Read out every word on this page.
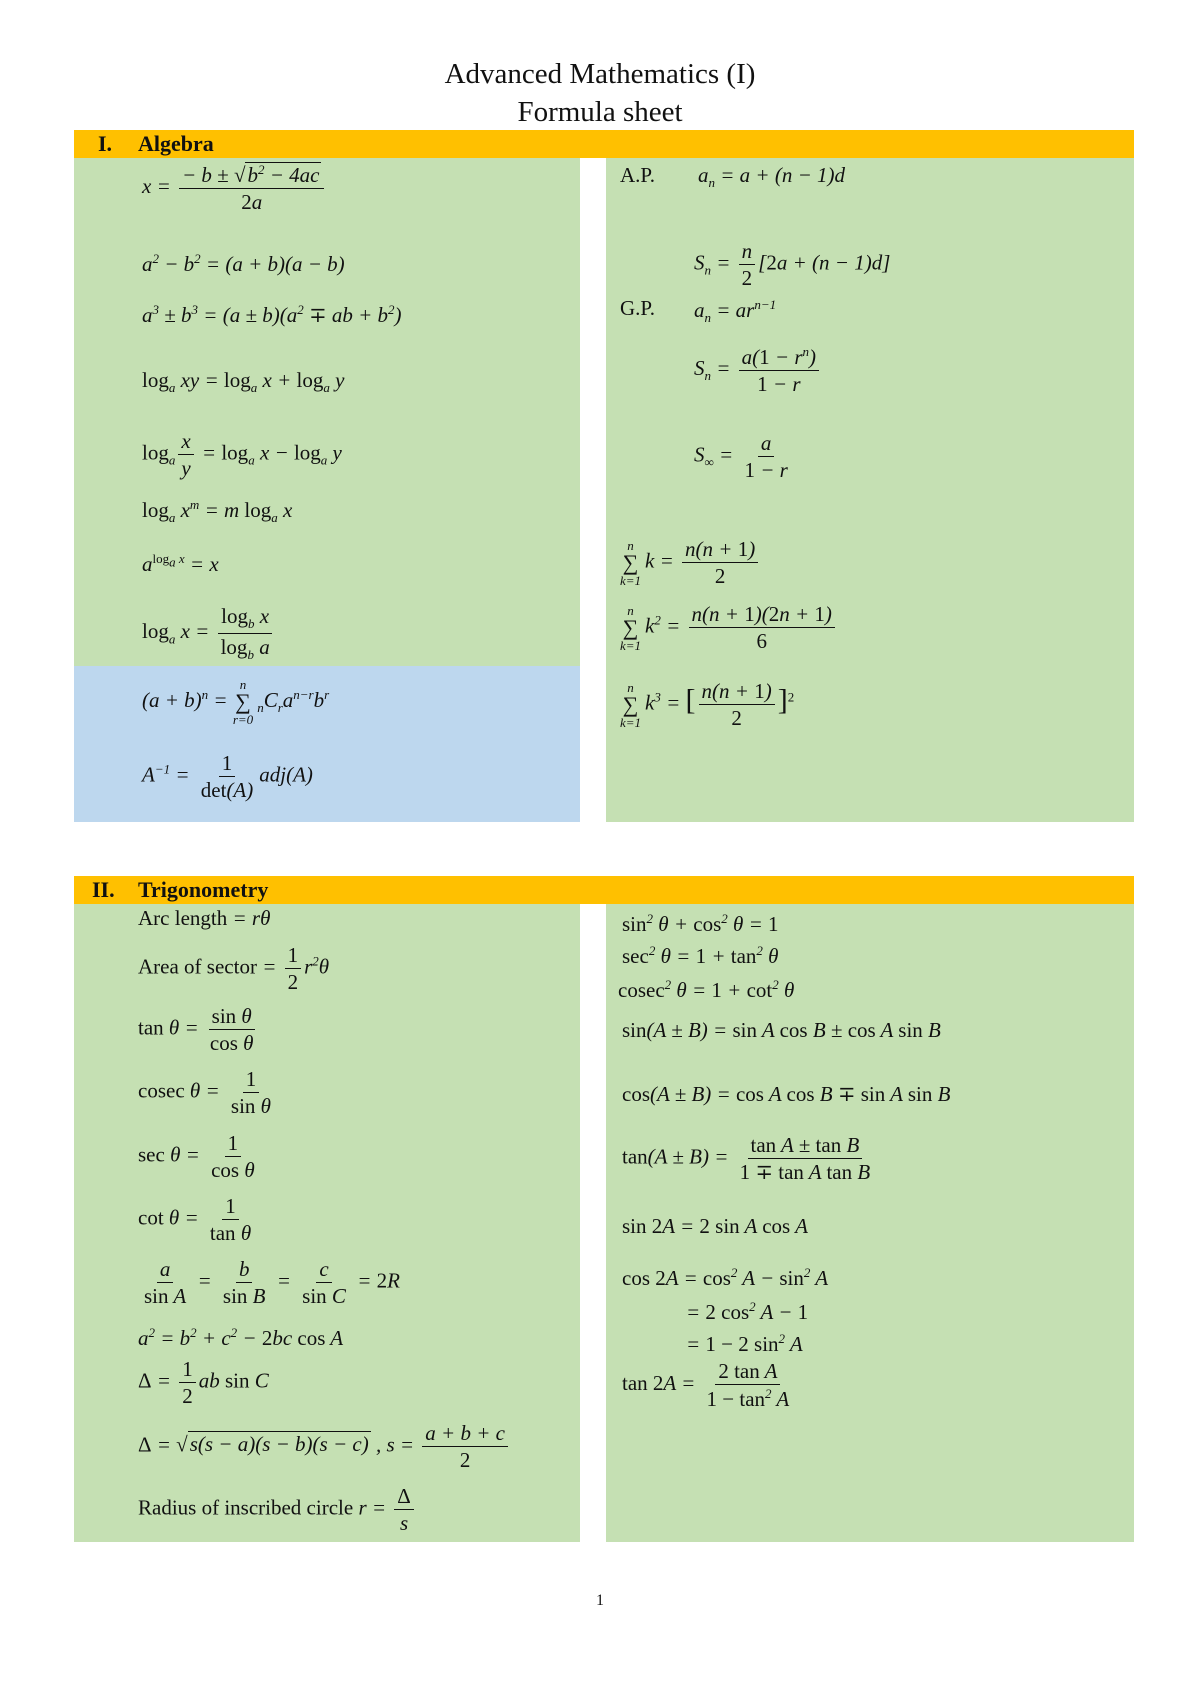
Advanced Mathematics (I)
Formula sheet
I. Algebra
$x = \frac{- b \pm √b^2 - 4ac}{2a}$
$a^2 - b^2 = (a + b)(a - b)$
$a^3 \pm b^3 = (a \pm b)(a^2$ ∓ ab + $b^2$)
$\log_a$ xy = $\log_a x + \log_a y$
$\log_a \frac{x}{y} = \log_a x - \log_a y$
$\log_a x^m = m$ $\log_a x$
$a^{log_a x} = x$
$\log_a x = \frac{\log_b x}{\log_b a}$
$(a + b)^n$ =
n
∑
r=0
$_nC_ra^{n-r}b^r$
$A^{-1} = 1$
det(A)
adj(A)
A.P. $a_n = a + (n - 1)d$
$S_n = \frac{n}{2} [2a + (n - 1)d]$
G.P. $a_n = ar^{n-1}$
$S_n = \frac{a(1 - r^n)}{1 - r}$
$S_\infty = \frac{a}{1 - r}$
n
∑
k=1
$k = \frac{n(n + 1)}{2}$
n
∑
k=1
$k^2 = \frac{n(n + 1)(2n + 1)}{6}$
n
∑
k=1
$k^3$ = [ $\frac{n(n + 1)}{2} ]^2$
II. Trigonometry
Arc length = rθ
Area of sector = $\frac{1}{2} r^2\theta$
$\tan \theta = \frac{\text{sin θ}}{\text{cos θ}}$
cosec $\theta = \frac{1}{\text{sin θ}}$
$\sec \theta = \frac{1}{\text{cos θ}}$
$\cot \theta = \frac{1}{\text{tan θ}}$
$\frac{a}{\text{sin A}} = \frac{b}{\text{sin B}} = \frac{c}{\text{sin C}} = 2R$
$a^2 = b^2 + c^2 - 2bc$ cos A
$\Delta = \frac{1}{2}$ ab sin C
Δ = √s(s − a)(s − b)(s − c) , $s = \frac{a + b + c}{2}$
Radius of inscribed circle $r = \frac{\Delta}{s}$
$\sin^2 \theta + \cos^2 \theta = 1$
$\sec^2 \theta = 1 + \tan^2 \theta$
cosec$^2$ $\theta = 1 + \cot^2 \theta$
sin(A ± B) = sin A cos B ± cos A sin B
cos(A ± B) = cos A cos B ∓ sin A sin B
$\tan(A \pm B) = \frac{\text{tan A ± tan B}}{\text{1 ∓ tan A tan B}}$
sin 2A = 2 sin A cos A
$\cos 2A = \cos^2 A - \sin^2 A$
= 2 $\cos^2 A - 1$
= 1 − 2 $\sin^2 A$
$\tan 2A = \frac{\text{2 tan A}}{1 - \tan^2 A}$
1
